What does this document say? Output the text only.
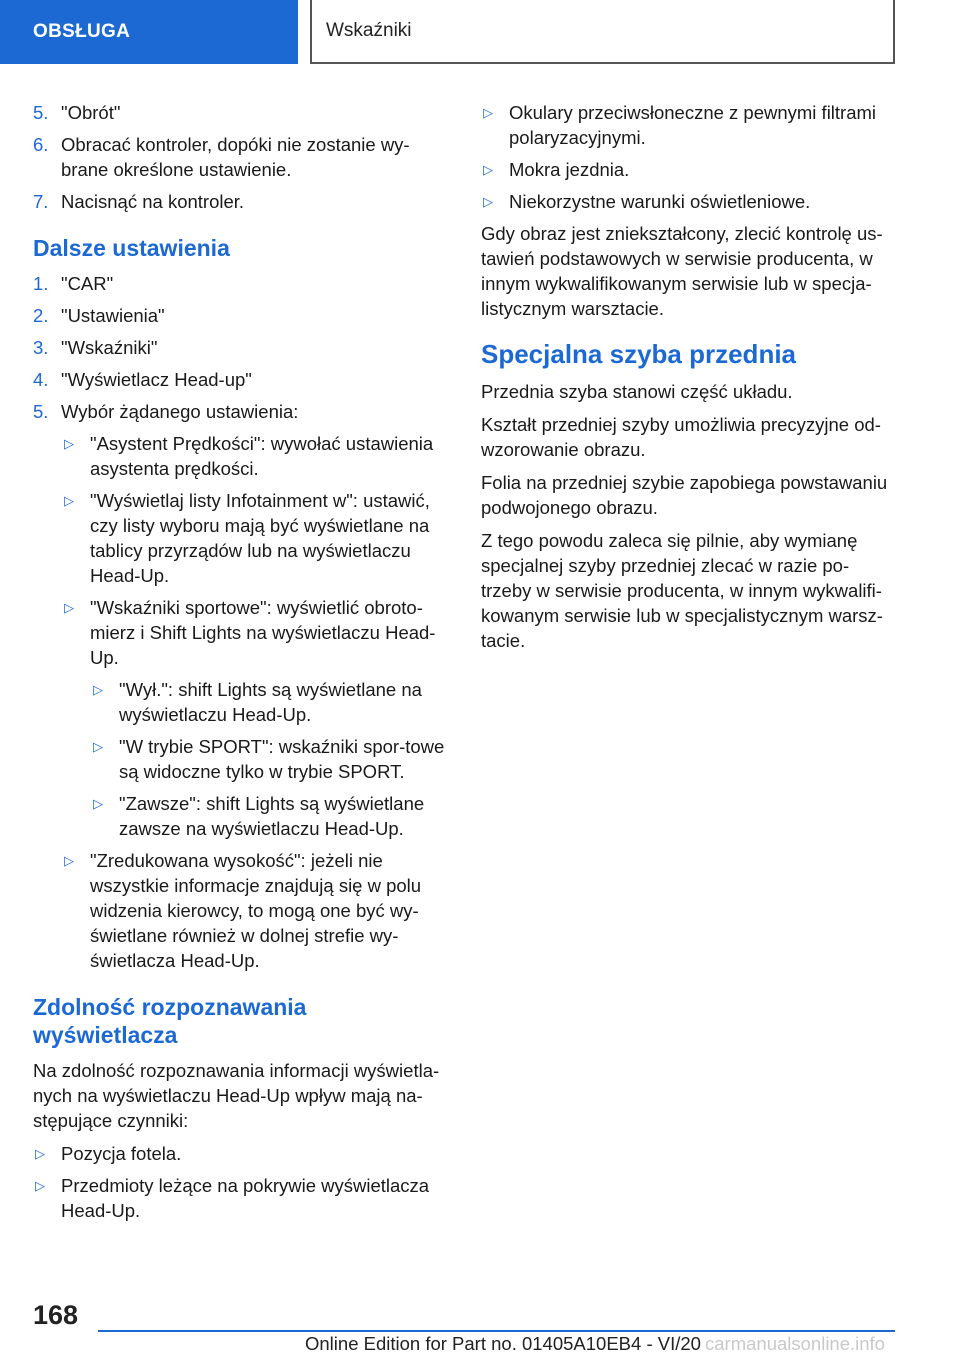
OBSŁUGA	Wskaźniki
5. "Obrót"
6. Obracać kontroler, dopóki nie zostanie wy-brane określone ustawienie.
7. Nacisnąć na kontroler.
Dalsze ustawienia
1. "CAR"
2. "Ustawienia"
3. "Wskaźniki"
4. "Wyświetlacz Head-up"
5. Wybór żądanego ustawienia:
▷ "Asystent Prędkości": wywołać ustawienia asystenta prędkości.
▷ "Wyświetlaj listy Infotainment w": ustawić, czy listy wyboru mają być wyświetlane na tablicy przyrządów lub na wyświetlaczu Head-Up.
▷ "Wskaźniki sportowe": wyświetlić obroto-mierz i Shift Lights na wyświetlaczu Head-Up.
▷ "Wył.": shift Lights są wyświetlane na wyświetlaczu Head-Up.
▷ "W trybie SPORT": wskaźniki spor-towe są widoczne tylko w trybie SPORT.
▷ "Zawsze": shift Lights są wyświetlane zawsze na wyświetlaczu Head-Up.
▷ "Zredukowana wysokość": jeżeli nie wszystkie informacje znajdują się w polu widzenia kierowcy, to mogą one być wy-świetlane również w dolnej strefie wy-świetlacza Head-Up.
Zdolność rozpoznawania wyświetlacza

Na zdolność rozpoznawania informacji wyświetla-nych na wyświetlaczu Head-Up wpływ mają na-stępujące czynniki:

▷ Pozycja fotela.
▷ Przedmioty leżące na pokrywie wyświetlacza Head-Up.
▷ Okulary przeciwsłoneczne z pewnymi filtrami polaryzacyjnymi.
▷ Mokra jezdnia.
▷ Niekorzystne warunki oświetleniowe.

Gdy obraz jest zniekształcony, zlecić kontrolę us-tawień podstawowych w serwisie producenta, w innym wykwalifikowanym serwisie lub w specja-listycznym warsztacie.

Specjalna szyba przednia

Przednia szyba stanowi część układu.

Kształt przedniej szyby umożliwia precyzyjne od-wzorowanie obrazu.

Folia na przedniej szybie zapobiega powstawaniu podwojonego obrazu.

Z tego powodu zaleca się pilnie, aby wymianę specjalnej szyby przedniej zlecać w razie po-trzeby w serwisie producenta, w innym wykwalifi-kowanym serwisie lub w specjalistycznym warsz-tacie.

168
Online Edition for Part no. 01405A10EB4 - VI/20 carmanualsonline.info
